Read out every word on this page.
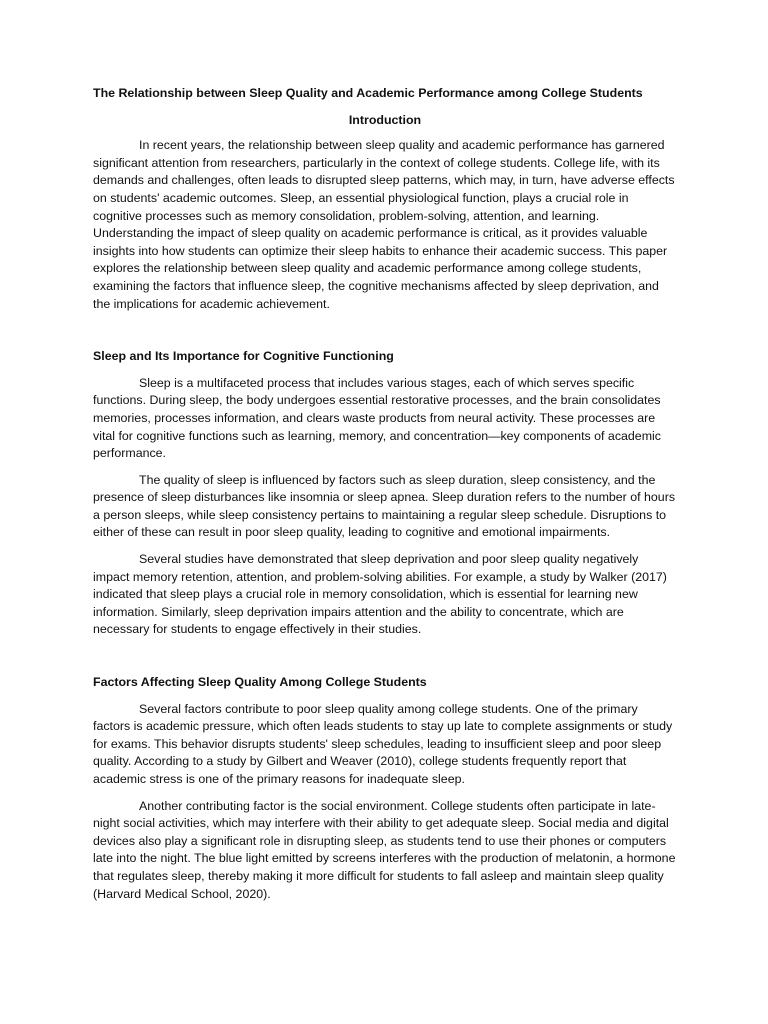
The Relationship between Sleep Quality and Academic Performance among College Students
Introduction

In recent years, the relationship between sleep quality and academic performance has garnered significant attention from researchers, particularly in the context of college students. College life, with its demands and challenges, often leads to disrupted sleep patterns, which may, in turn, have adverse effects on students' academic outcomes. Sleep, an essential physiological function, plays a crucial role in cognitive processes such as memory consolidation, problem-solving, attention, and learning. Understanding the impact of sleep quality on academic performance is critical, as it provides valuable insights into how students can optimize their sleep habits to enhance their academic success. This paper explores the relationship between sleep quality and academic performance among college students, examining the factors that influence sleep, the cognitive mechanisms affected by sleep deprivation, and the implications for academic achievement.

Sleep and Its Importance for Cognitive Functioning

Sleep is a multifaceted process that includes various stages, each of which serves specific functions. During sleep, the body undergoes essential restorative processes, and the brain consolidates memories, processes information, and clears waste products from neural activity. These processes are vital for cognitive functions such as learning, memory, and concentration—key components of academic performance.

The quality of sleep is influenced by factors such as sleep duration, sleep consistency, and the presence of sleep disturbances like insomnia or sleep apnea. Sleep duration refers to the number of hours a person sleeps, while sleep consistency pertains to maintaining a regular sleep schedule. Disruptions to either of these can result in poor sleep quality, leading to cognitive and emotional impairments.

Several studies have demonstrated that sleep deprivation and poor sleep quality negatively impact memory retention, attention, and problem-solving abilities. For example, a study by Walker (2017) indicated that sleep plays a crucial role in memory consolidation, which is essential for learning new information. Similarly, sleep deprivation impairs attention and the ability to concentrate, which are necessary for students to engage effectively in their studies.

Factors Affecting Sleep Quality Among College Students

Several factors contribute to poor sleep quality among college students. One of the primary factors is academic pressure, which often leads students to stay up late to complete assignments or study for exams. This behavior disrupts students' sleep schedules, leading to insufficient sleep and poor sleep quality. According to a study by Gilbert and Weaver (2010), college students frequently report that academic stress is one of the primary reasons for inadequate sleep.

Another contributing factor is the social environment. College students often participate in late-night social activities, which may interfere with their ability to get adequate sleep. Social media and digital devices also play a significant role in disrupting sleep, as students tend to use their phones or computers late into the night. The blue light emitted by screens interferes with the production of melatonin, a hormone that regulates sleep, thereby making it more difficult for students to fall asleep and maintain sleep quality (Harvard Medical School, 2020).
